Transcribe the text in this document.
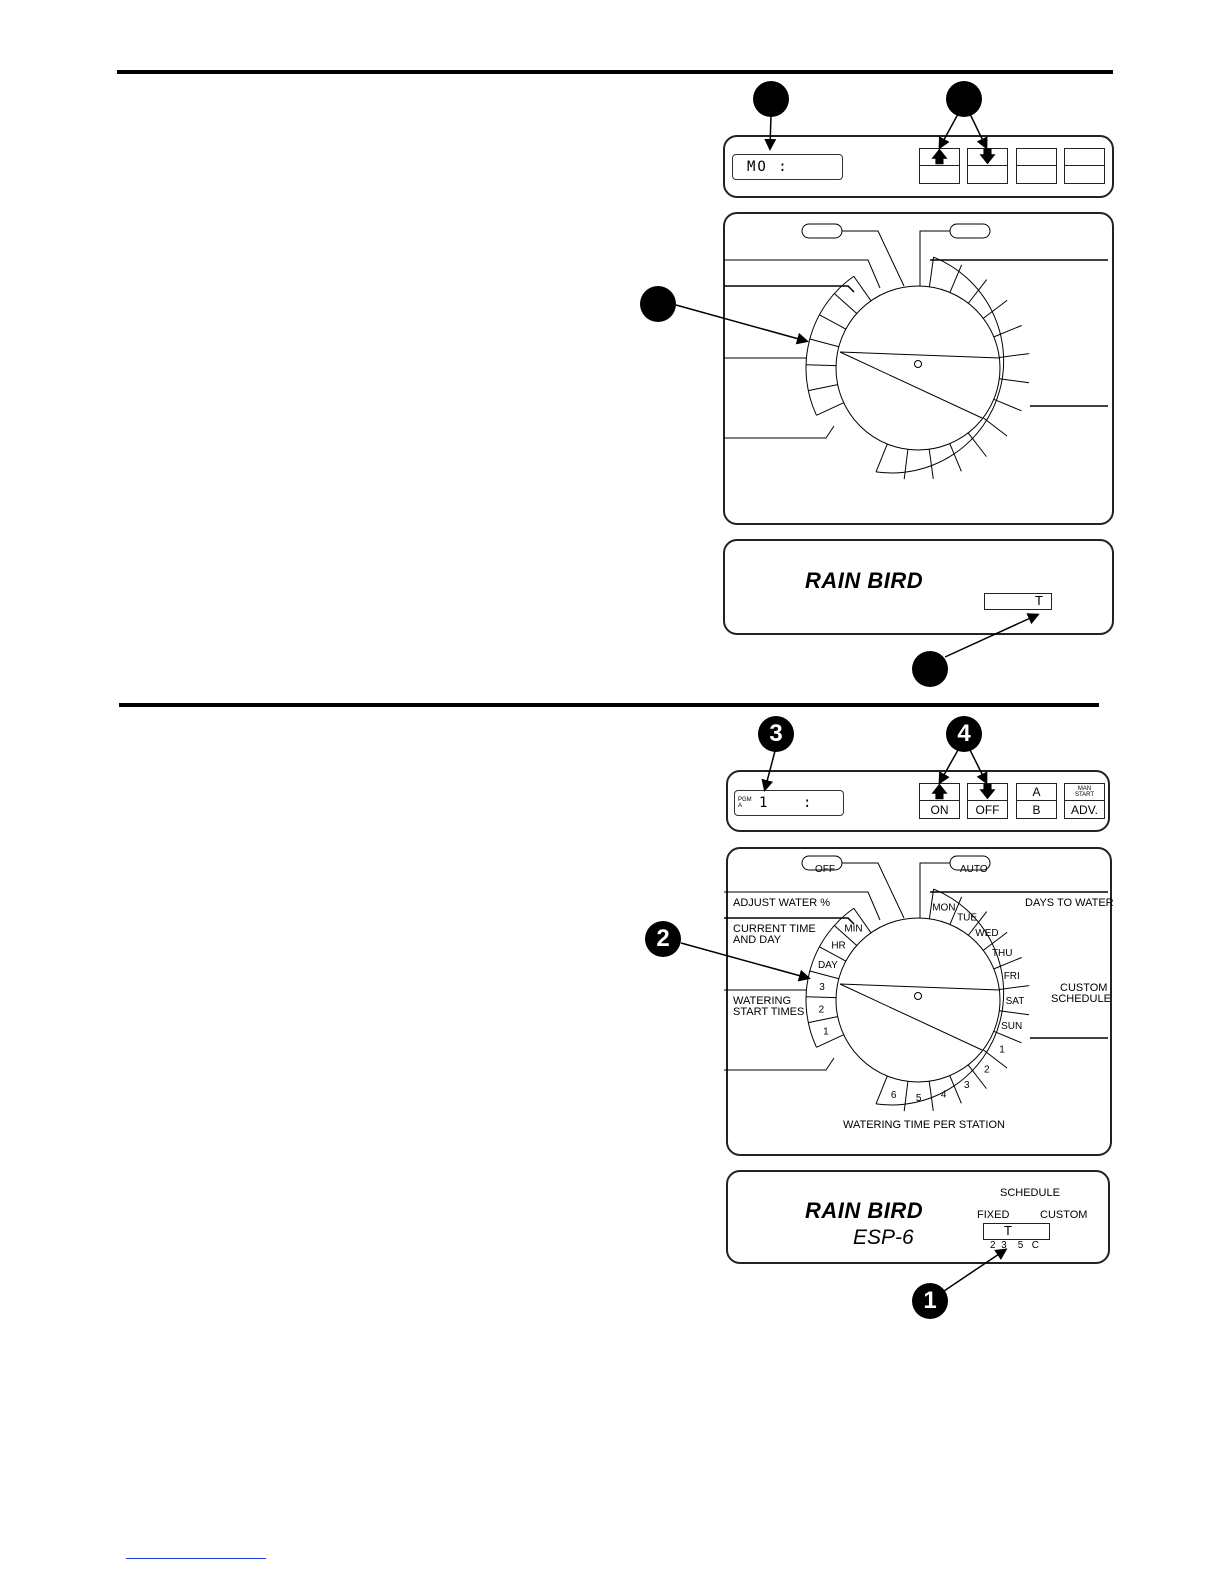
MO :
🡅 🡇
RAIN BIRD
T
3	4
2
1
PGM A	1 :
🡅
ON
🡇
OFF
A
B
MAN START
ADV.
RAIN BIRD
ESP-6
SCHEDULE
FIXED	CUSTOM
T
2  3    5   C
MIN
HR
DAY
3
2
1
MON
TUE
WED
THU
FRI
SAT
SUN
1
2
3
4
5
6
ADJUST WATER %
CURRENT TIME
AND DAY
WATERING
START TIMES
DAYS TO WATER
CUSTOM
SCHEDULE
WATERING TIME PER STATION
OFF	AUTO
